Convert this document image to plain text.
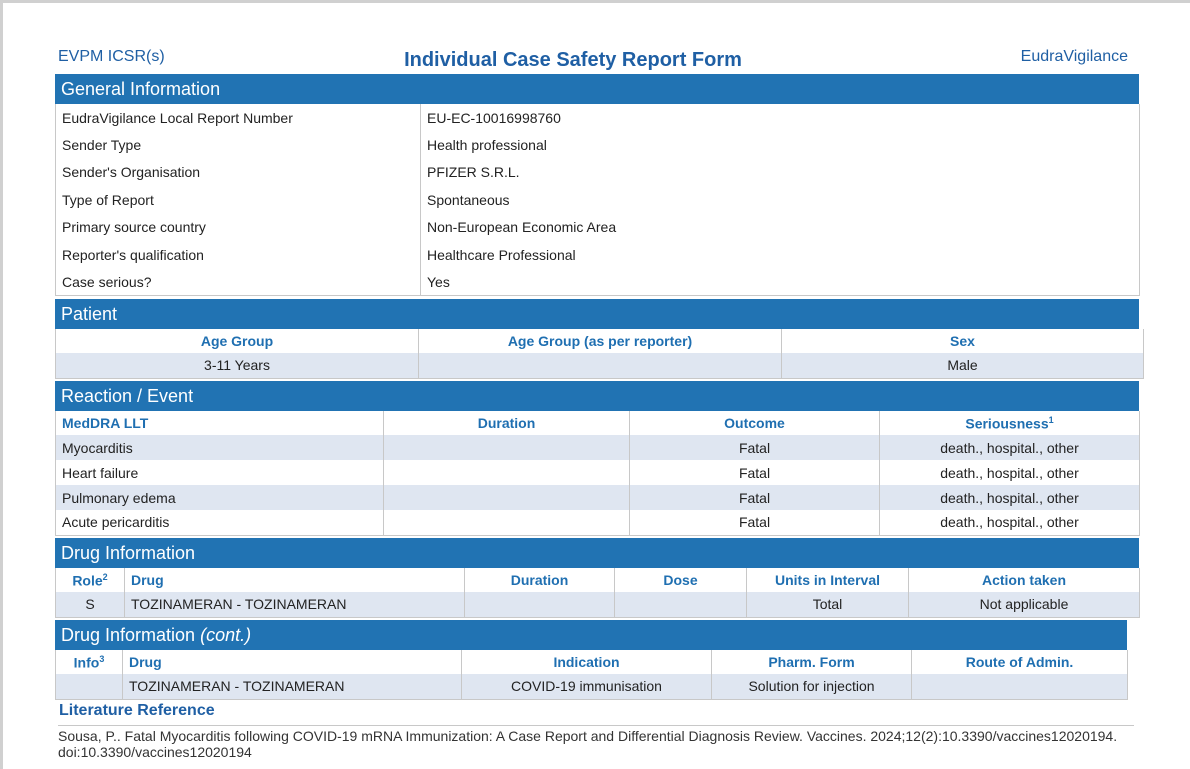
EVPM ICSR(s)	Individual Case Safety Report Form	EudraVigilance
General Information
EudraVigilance Local Report Number	EU-EC-10016998760
Sender Type	Health professional
Sender's Organisation	PFIZER S.R.L.
Type of Report	Spontaneous
Primary source country	Non-European Economic Area
Reporter's qualification	Healthcare Professional
Case serious?	Yes
Patient
Age Group	Age Group (as per reporter)	Sex
3-11 Years		Male
Reaction / Event
MedDRA LLT	Duration	Outcome	Seriousness$^1$
Myocarditis		Fatal	death., hospital., other
Heart failure		Fatal	death., hospital., other
Pulmonary edema		Fatal	death., hospital., other
Acute pericarditis		Fatal	death., hospital., other
Drug Information
Role$^2$	Drug	Duration	Dose	Units in Interval	Action taken
S	TOZINAMERAN - TOZINAMERAN			Total	Not applicable
Drug Information (cont.)
Info$^3$	Drug	Indication	Pharm. Form	Route of Admin.
	TOZINAMERAN - TOZINAMERAN	COVID-19 immunisation	Solution for injection	
Literature Reference
Sousa, P.. Fatal Myocarditis following COVID-19 mRNA Immunization: A Case Report and Differential Diagnosis Review. Vaccines. 2024;12(2):10.3390/vaccines12020194. doi:10.3390/vaccines12020194
